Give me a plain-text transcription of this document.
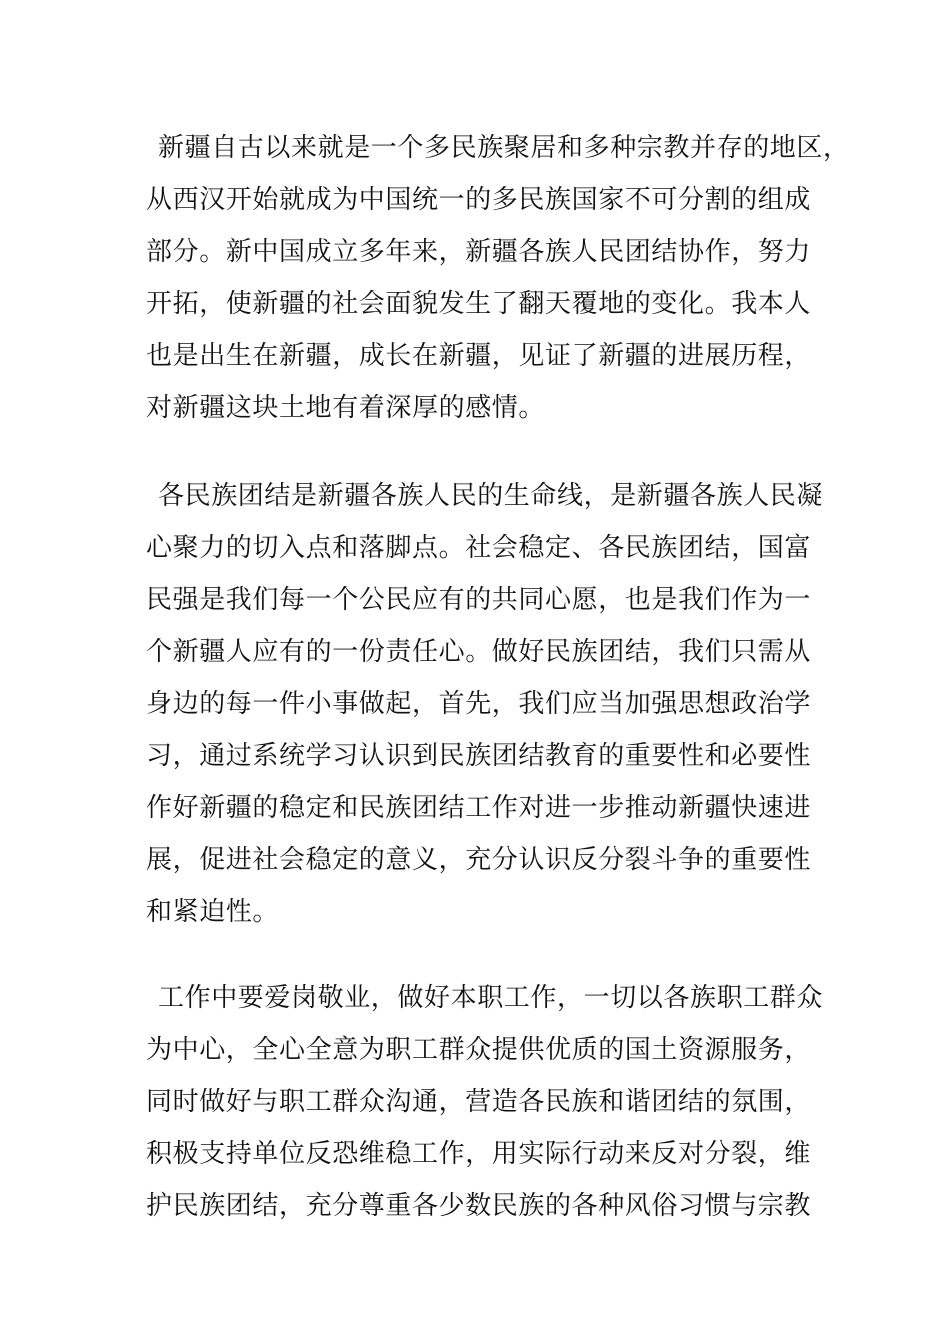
新疆自古以来就是一个多民族聚居和多种宗教并存的地区，
从西汉开始就成为中国统一的多民族国家不可分割的组成
部分。新中国成立多年来，新疆各族人民团结协作，努力
开拓，使新疆的社会面貌发生了翻天覆地的变化。我本人
也是出生在新疆，成长在新疆，见证了新疆的进展历程，
对新疆这块土地有着深厚的感情。
各民族团结是新疆各族人民的生命线，是新疆各族人民凝
心聚力的切入点和落脚点。社会稳定、各民族团结，国富
民强是我们每一个公民应有的共同心愿，也是我们作为一
个新疆人应有的一份责任心。做好民族团结，我们只需从
身边的每一件小事做起，首先，我们应当加强思想政治学
习，通过系统学习认识到民族团结教育的重要性和必要性
作好新疆的稳定和民族团结工作对进一步推动新疆快速进
展，促进社会稳定的意义，充分认识反分裂斗争的重要性
和紧迫性。
工作中要爱岗敬业，做好本职工作，一切以各族职工群众
为中心，全心全意为职工群众提供优质的国土资源服务，
同时做好与职工群众沟通，营造各民族和谐团结的氛围，
积极支持单位反恐维稳工作，用实际行动来反对分裂，维
护民族团结，充分尊重各少数民族的各种风俗习惯与宗教
